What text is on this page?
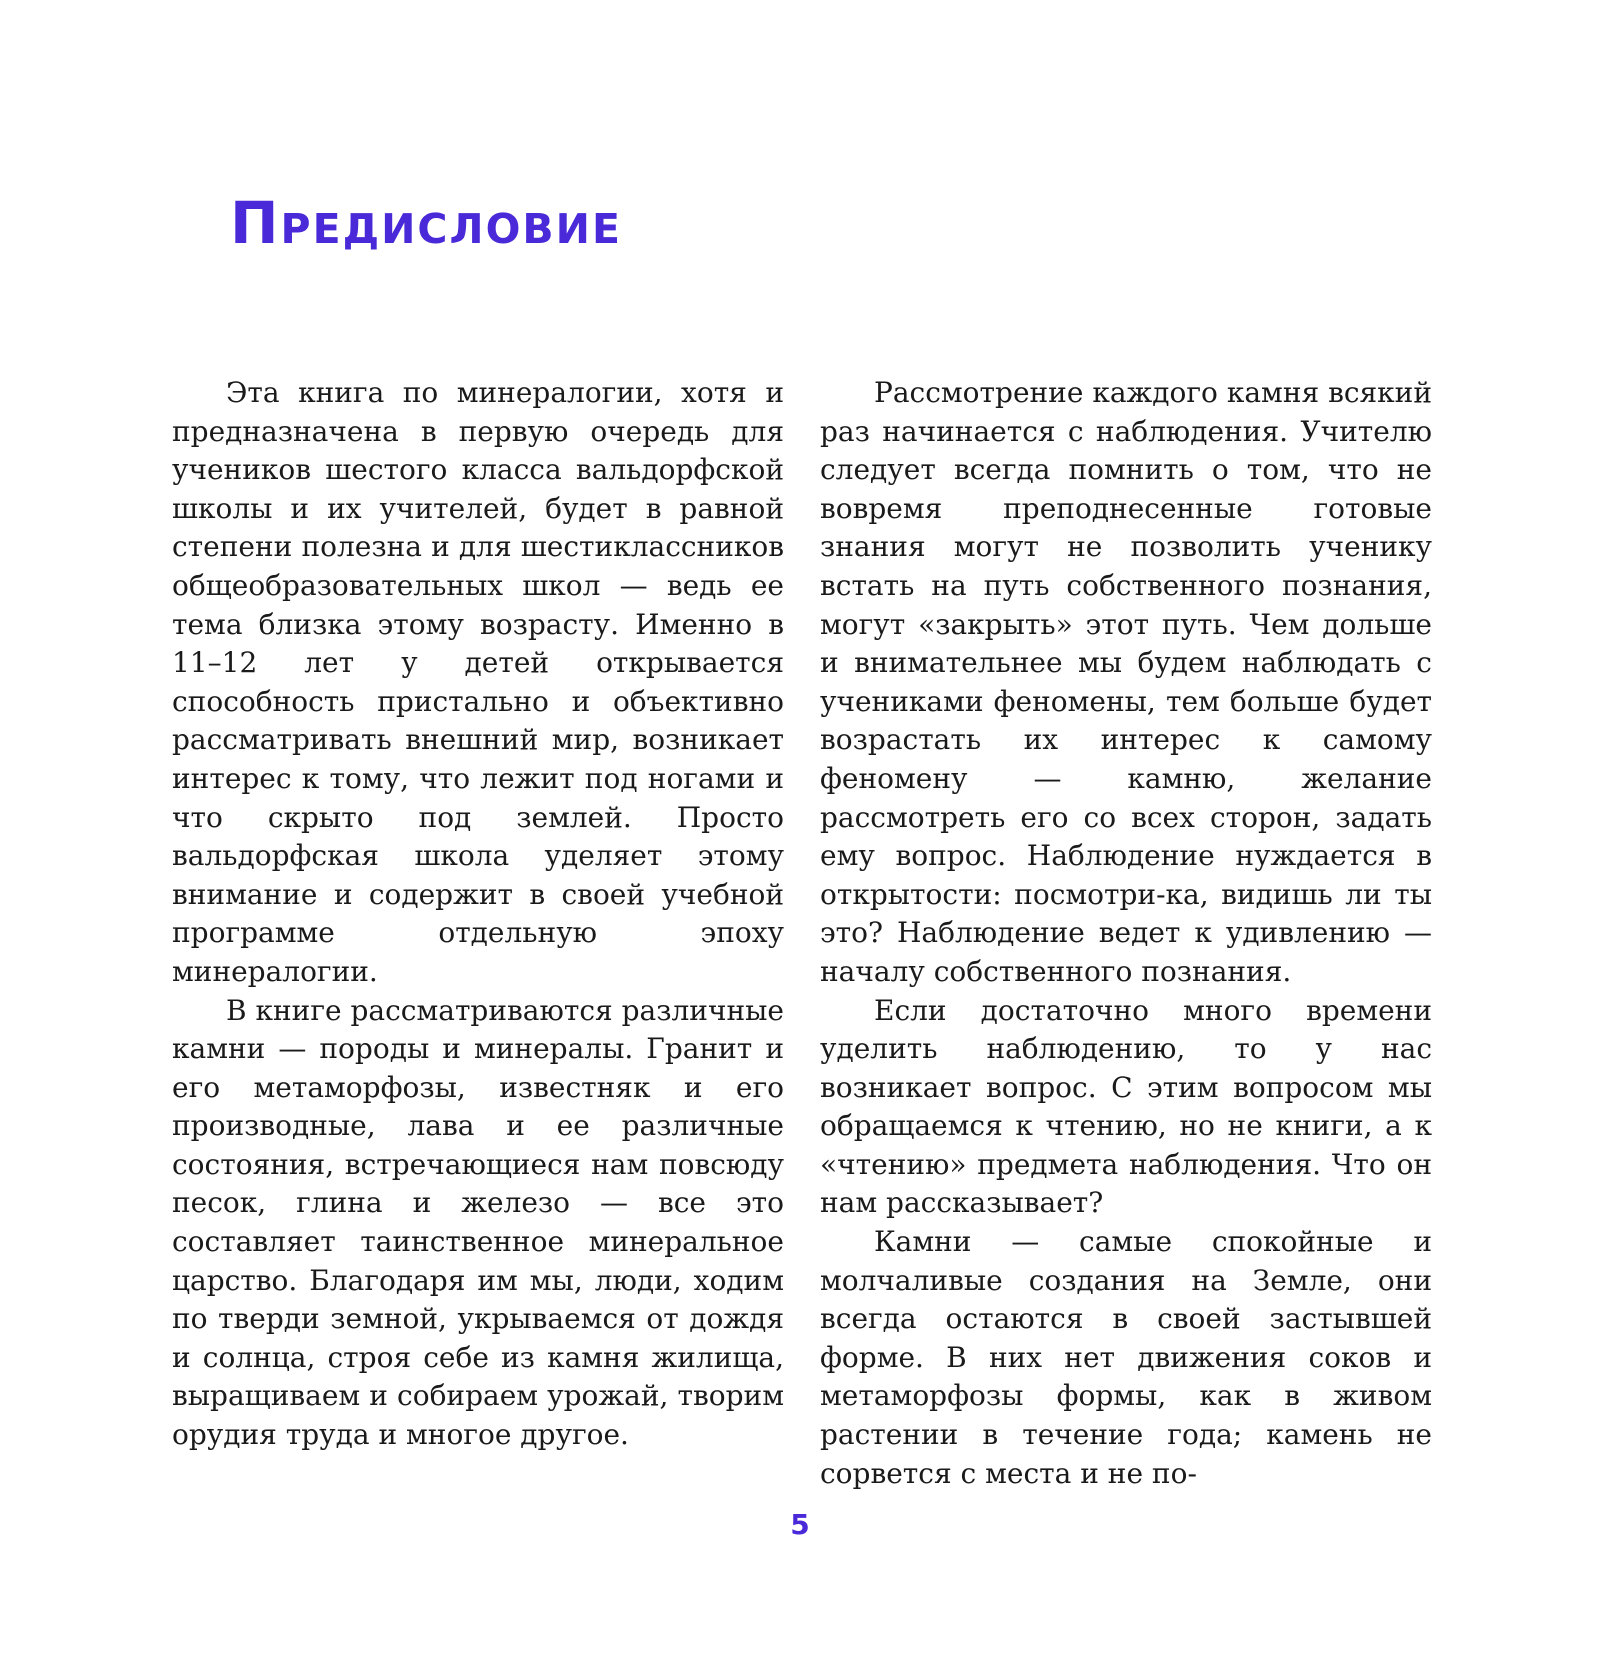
Предисловие

Эта книга по минералогии, хотя и предназначена в первую очередь для учеников шестого класса вальдорфской школы и их учителей, будет в равной степени полезна и для шестиклассников общеобразовательных школ — ведь ее тема близка этому возрасту. Именно в 11–12 лет у детей открывается способность пристально и объективно рассматривать внешний мир, возникает интерес к тому, что лежит под ногами и что скрыто под землей. Просто вальдорфская школа уделяет этому внимание и содержит в своей учебной программе отдельную эпоху минералогии.

В книге рассматриваются различные камни — породы и минералы. Гранит и его метаморфозы, известняк и его производные, лава и ее различные состояния, встречающиеся нам повсюду песок, глина и железо — все это составляет таинственное минеральное царство. Благодаря им мы, люди, ходим по тверди земной, укрываемся от дождя и солнца, строя себе из камня жилища, выращиваем и собираем урожай, творим орудия труда и многое другое.

Рассмотрение каждого камня всякий раз начинается с наблюдения. Учителю следует всегда помнить о том, что не вовремя преподнесенные готовые знания могут не позволить ученику встать на путь собственного познания, могут «закрыть» этот путь. Чем дольше и внимательнее мы будем наблюдать с учениками феномены, тем больше будет возрастать их интерес к самому феномену — камню, желание рассмотреть его со всех сторон, задать ему вопрос. Наблюдение нуждается в открытости: посмотри-ка, видишь ли ты это? Наблюдение ведет к удивлению — началу собственного познания.

Если достаточно много времени уделить наблюдению, то у нас возникает вопрос. С этим вопросом мы обращаемся к чтению, но не книги, а к «чтению» предмета наблюдения. Что он нам рассказывает?

Камни — самые спокойные и молчаливые создания на Земле, они всегда остаются в своей застывшей форме. В них нет движения соков и метаморфозы формы, как в живом растении в течение года; камень не сорвется с места и не по-

5
